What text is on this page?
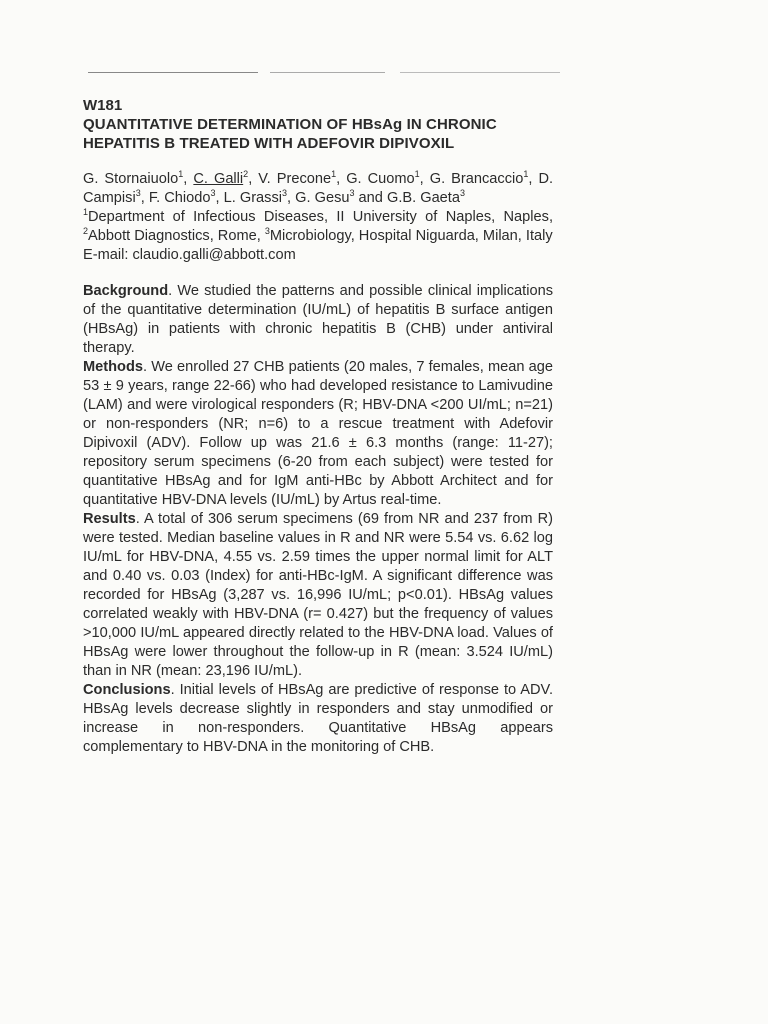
W181

QUANTITATIVE DETERMINATION OF HBsAg IN CHRONIC
HEPATITIS B TREATED WITH ADEFOVIR DIPIVOXIL

G. Stornaiuolo$^1$, C. Galli$^2$, V. Precone$^1$, G. Cuomo$^1$, G. Brancaccio$^1$, D. Campisi$^3$, F. Chiodo$^3$, L. Grassi$^3$, G. Gesu$^3$ and G.B. Gaeta$^3$

$^1$Department of Infectious Diseases, II University of Naples, Naples, $^2$Abbott Diagnostics, Rome, $^3$Microbiology, Hospital Niguarda, Milan, Italy

E-mail: claudio.galli@abbott.com

Background. We studied the patterns and possible clinical implications of the quantitative determination (IU/mL) of hepatitis B surface antigen (HBsAg) in patients with chronic hepatitis B (CHB) under antiviral therapy.

Methods. We enrolled 27 CHB patients (20 males, 7 females, mean age 53 ± 9 years, range 22-66) who had developed resistance to Lamivudine (LAM) and were virological responders (R; HBV-DNA <200 UI/mL; n=21) or non-responders (NR; n=6) to a rescue treatment with Adefovir Dipivoxil (ADV). Follow up was 21.6 ± 6.3 months (range: 11-27); repository serum specimens (6-20 from each subject) were tested for quantitative HBsAg and for IgM anti-HBc by Abbott Architect and for quantitative HBV-DNA levels (IU/mL) by Artus real-time.

Results. A total of 306 serum specimens (69 from NR and 237 from R) were tested. Median baseline values in R and NR were 5.54 vs. 6.62 log IU/mL for HBV-DNA, 4.55 vs. 2.59 times the upper normal limit for ALT and 0.40 vs. 0.03 (Index) for anti-HBc-IgM. A significant difference was recorded for HBsAg (3,287 vs. 16,996 IU/mL; p<0.01). HBsAg values correlated weakly with HBV-DNA (r= 0.427) but the frequency of values >10,000 IU/mL appeared directly related to the HBV-DNA load. Values of HBsAg were lower throughout the follow-up in R (mean: 3.524 IU/mL) than in NR (mean: 23,196 IU/mL).

Conclusions. Initial levels of HBsAg are predictive of response to ADV. HBsAg levels decrease slightly in responders and stay unmodified or increase in non-responders. Quantitative HBsAg appears complementary to HBV-DNA in the monitoring of CHB.
